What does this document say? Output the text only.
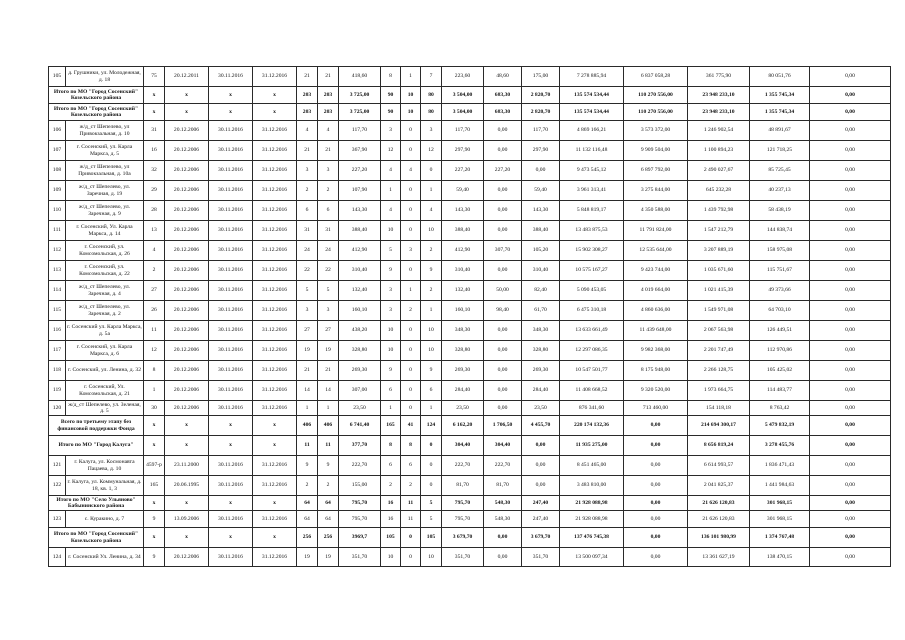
105	д. Грушники, ул. Молодежная, д. 18	75	20.12.2011	30.11.2016	31.12.2016	21	21	418,60	8	1	7	223,60	48,60	175,00	7 278 885,94	6 837 058,28	361 775,90	80 051,76	0,00
Итого по МО "Город Сосенский" Козельского района		x	x	x	x	203	203	3 725,00	90	10	80	3 504,00	683,30	2 820,70	135 574 534,44	110 270 556,00	23 948 233,10	1 355 745,34	0,00
Итого по МО "Город Сосенский" Козельского района		x	x	x	x	203	203	3 725,00	90	10	80	3 504,00	683,30	2 820,70	135 574 534,44	110 270 556,00	23 948 233,10	1 355 745,34	0,00
106	ж/д_ст Шепелево, ул Привокзальная, д. 10	31	20.12.2006	30.11.2016	31.12.2016	4	4	117,70	3	0	3	117,70	0,00	117,70	4 869 166,21	3 573 372,00	1 246 902,54	48 891,67	0,00
107	г. Сосенский, ул. Карла Маркса, д. 5	16	20.12.2006	30.11.2016	31.12.2016	21	21	367,90	12	0	12	297,90	0,00	297,90	11 132 116,48	9 909 504,00	1 100 894,23	121 718,25	0,00
108	ж/д_ст Шепелево, ул Привокзальная, д. 10а	32	20.12.2006	30.11.2016	31.12.2016	3	3	227,20	4	4	0	227,20	227,20	0,00	9 473 545,12	6 897 792,00	2 490 027,67	85 725,45	0,00
109	ж/д_ст Шепелево, ул. Заречная, д. 19	29	20.12.2006	30.11.2016	31.12.2016	2	2	107,90	1	0	1	59,40	0,00	59,40	3 961 313,41	3 275 844,00	645 232,28	40 237,13	0,00
110	ж/д_ст Шепелево, ул. Заречная, д. 9	28	20.12.2006	30.11.2016	31.12.2016	6	6	143,30	4	0	4	143,30	0,00	143,30	5 848 819,17	4 350 588,00	1 439 792,98	58 438,19	0,00
111	г. Сосенский, Ул. Карла Маркса, д. 14	13	20.12.2006	30.11.2016	31.12.2016	31	31	388,40	10	0	10	388,40	0,00	388,40	13 483 875,53	11 791 824,00	1 547 212,79	144 838,74	0,00
112	г. Сосенский, ул. Комсомольская, д. 26	4	20.12.2006	30.11.2016	31.12.2016	24	24	412,90	5	3	2	412,90	307,70	105,20	15 902 308,27	12 535 644,00	3 207 889,19	158 975,08	0,00
113	г. Сосенский, ул. Комсомольская, д. 22	2	20.12.2006	30.11.2016	31.12.2016	22	22	310,40	9	0	9	310,40	0,00	310,40	10 575 167,27	9 423 744,00	1 035 671,60	115 751,67	0,00
114	ж/д_ст Шепелево, ул. Заречная, д. 4	27	20.12.2006	30.11.2016	31.12.2016	5	5	132,40	3	1	2	132,40	50,00	82,40	5 090 453,05	4 019 664,00	1 021 415,39	49 373,66	0,00
115	ж/д_ст Шепелево, ул. Заречная, д. 2	26	20.12.2006	30.11.2016	31.12.2016	3	3	160,10	3	2	1	160,10	98,40	61,70	6 475 310,18	4 860 636,00	1 549 971,08	64 703,10	0,00
116	г. Сосенский ул. Карла Маркса, д. 5а	11	20.12.2006	30.11.2016	31.12.2016	27	27	438,20	10	0	10	348,30	0,00	348,30	13 633 661,49	11 439 648,00	2 067 563,98	126 449,51	0,00
117	г. Сосенский, ул. Карла Маркса, д. 6	12	20.12.2006	30.11.2016	31.12.2016	19	19	328,80	10	0	10	328,80	0,00	328,80	12 297 086,35	9 982 368,00	2 201 747,49	112 970,86	0,00
118	г. Сосенский, ул. Ленина, д. 32	8	20.12.2006	30.11.2016	31.12.2016	21	21	269,30	9	0	9	269,30	0,00	269,30	10 547 501,77	8 175 948,00	2 266 128,75	105 425,02	0,00
119	г. Сосенский, Ул. Комсомольская, д. 21	1	20.12.2006	30.11.2016	31.12.2016	14	14	307,00	6	0	6	284,40	0,00	284,40	11 408 668,52	9 320 520,00	1 973 664,75	114 483,77	0,00
120	ж/д_ст Шепелево, ул. Зеленая, д. 5	30	20.12.2006	30.11.2016	31.12.2016	1	1	23,50	1	0	1	23,50	0,00	23,50	876 341,60	713 460,00	154 118,18	8 763,42	0,00
Всего по третьему этапу без финансовой поддержки Фонда		x	x	x	x	406	406	6 741,40	165	41	124	6 162,20	1 706,50	4 455,70	220 174 132,36	0,00	214 694 300,17	5 479 832,19	0,00
Итого по МО "Город Калуга"		x	x	x	x	11	11	377,70	8	8	0	304,40	304,40	0,00	11 935 275,00	0,00	8 656 819,24	3 278 455,76	0,00
121	г. Калуга, ул. Космонавта Пацаева, д. 10	4597-р	23.11.2000	30.11.2016	31.12.2016	9	9	222,70	6	6	0	222,70	222,70	0,00	8 451 465,00	0,00	6 614 993,57	1 836 471,43	0,00
122	г. Калуга, ул. Коммунальная, д. 18, кв. 1, 3	165	20.06.1995	30.11.2016	31.12.2016	2	2	155,00	2	2	0	81,70	81,70	0,00	3 483 810,00	0,00	2 041 825,37	1 441 984,63	0,00
Итого по МО "Село Ульяново" Бабынинского района		x	x	x	x	64	64	795,70	16	11	5	795,70	548,30	247,40	21 928 088,98	0,00	21 626 120,83	301 968,15	0,00
123	с. Куракино, д. 7	9	13.09.2006	30.11.2016	31.12.2016	64	64	795,70	16	11	5	795,70	548,30	247,40	21 928 088,98	0,00	21 626 120,83	301 968,15	0,00
Итого по МО "Город Сосенский" Козельского района		x	x	x	x	256	256	3969,7	105	0	105	3 679,70	0,00	3 679,70	137 476 745,38	0,00	136 101 980,99	1 374 767,48	0,00
124	г. Сосенский Ул. Ленина, д. 34	9	20.12.2006	30.11.2016	31.12.2016	19	19	351,70	10	0	10	351,70	0,00	351,70	13 500 097,34	0,00	13 361 627,19	138 470,15	0,00
